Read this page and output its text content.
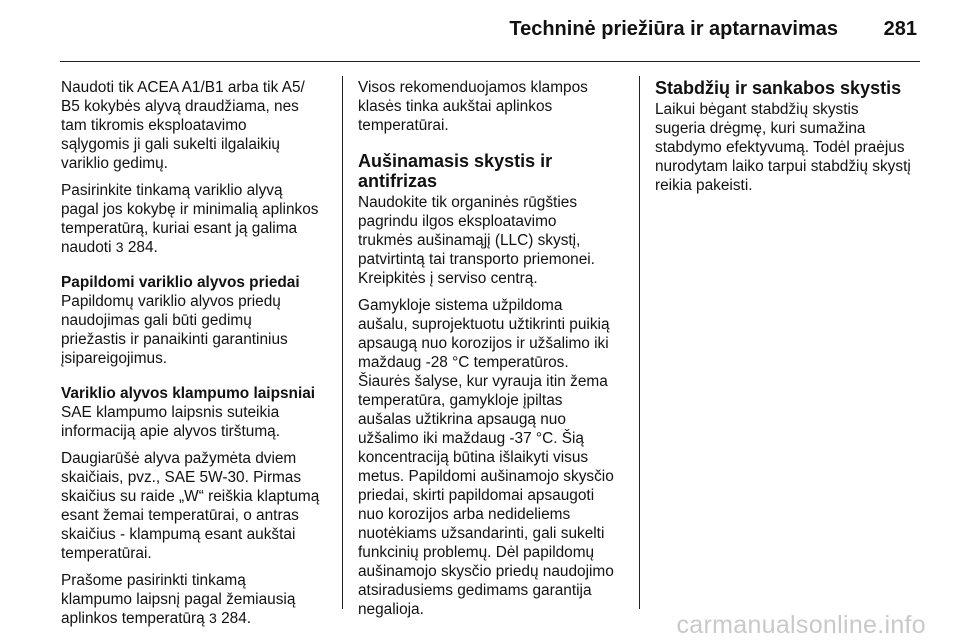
Techninė priežiūra ir aptarnavimas 281

Naudoti tik ACEA A1/B1 arba tik A5/
B5 kokybės alyvą draudžiama, nes
tam tikromis eksploatavimo
sąlygomis ji gali sukelti ilgalaikių
variklio gedimų.

Pasirinkite tinkamą variklio alyvą
pagal jos kokybę ir minimalią aplinkos
temperatūrą, kuriai esant ją galima
naudoti 3 284.

Papildomi variklio alyvos priedai

Papildomų variklio alyvos priedų
naudojimas gali būti gedimų
priežastis ir panaikinti garantinius
įsipareigojimus.

Variklio alyvos klampumo laipsniai

SAE klampumo laipsnis suteikia
informaciją apie alyvos tirštumą.

Daugiarūšė alyva pažymėta dviem
skaičiais, pvz., SAE 5W-30. Pirmas
skaičius su raide „W“ reiškia klaptumą
esant žemai temperatūrai, o antras
skaičius - klampumą esant aukštai
temperatūrai.

Prašome pasirinkti tinkamą
klampumo laipsnį pagal žemiausią
aplinkos temperatūrą 3 284.

Visos rekomenduojamos klampos
klasės tinka aukštai aplinkos
temperatūrai.

Aušinamasis skystis ir antifrizas

Naudokite tik organinės rūgšties
pagrindu ilgos eksploatavimo
trukmės aušinamąjį (LLC) skystį,
patvirtintą tai transporto priemonei.
Kreipkitės į serviso centrą.

Gamykloje sistema užpildoma
aušalu, suprojektuotu užtikrinti puikią
apsaugą nuo korozijos ir užšalimo iki
maždaug -28 °C temperatūros.
Šiaurės šalyse, kur vyrauja itin žema
temperatūra, gamykloje įpiltas
aušalas užtikrina apsaugą nuo
užšalimo iki maždaug -37 °C. Šią
koncentraciją būtina išlaikyti visus
metus. Papildomi aušinamojo skysčio
priedai, skirti papildomai apsaugoti
nuo korozijos arba nedideliems
nuotėkiams užsandarinti, gali sukelti
funkcinių problemų. Dėl papildomų
aušinamojo skysčio priedų naudojimo
atsiradusiems gedimams garantija
negalioja.

Stabdžių ir sankabos skystis

Laikui bėgant stabdžių skystis
sugeria drėgmę, kuri sumažina
stabdymo efektyvumą. Todėl praėjus
nurodytam laiko tarpui stabdžių skystį
reikia pakeisti.

carmanualsonline.info
